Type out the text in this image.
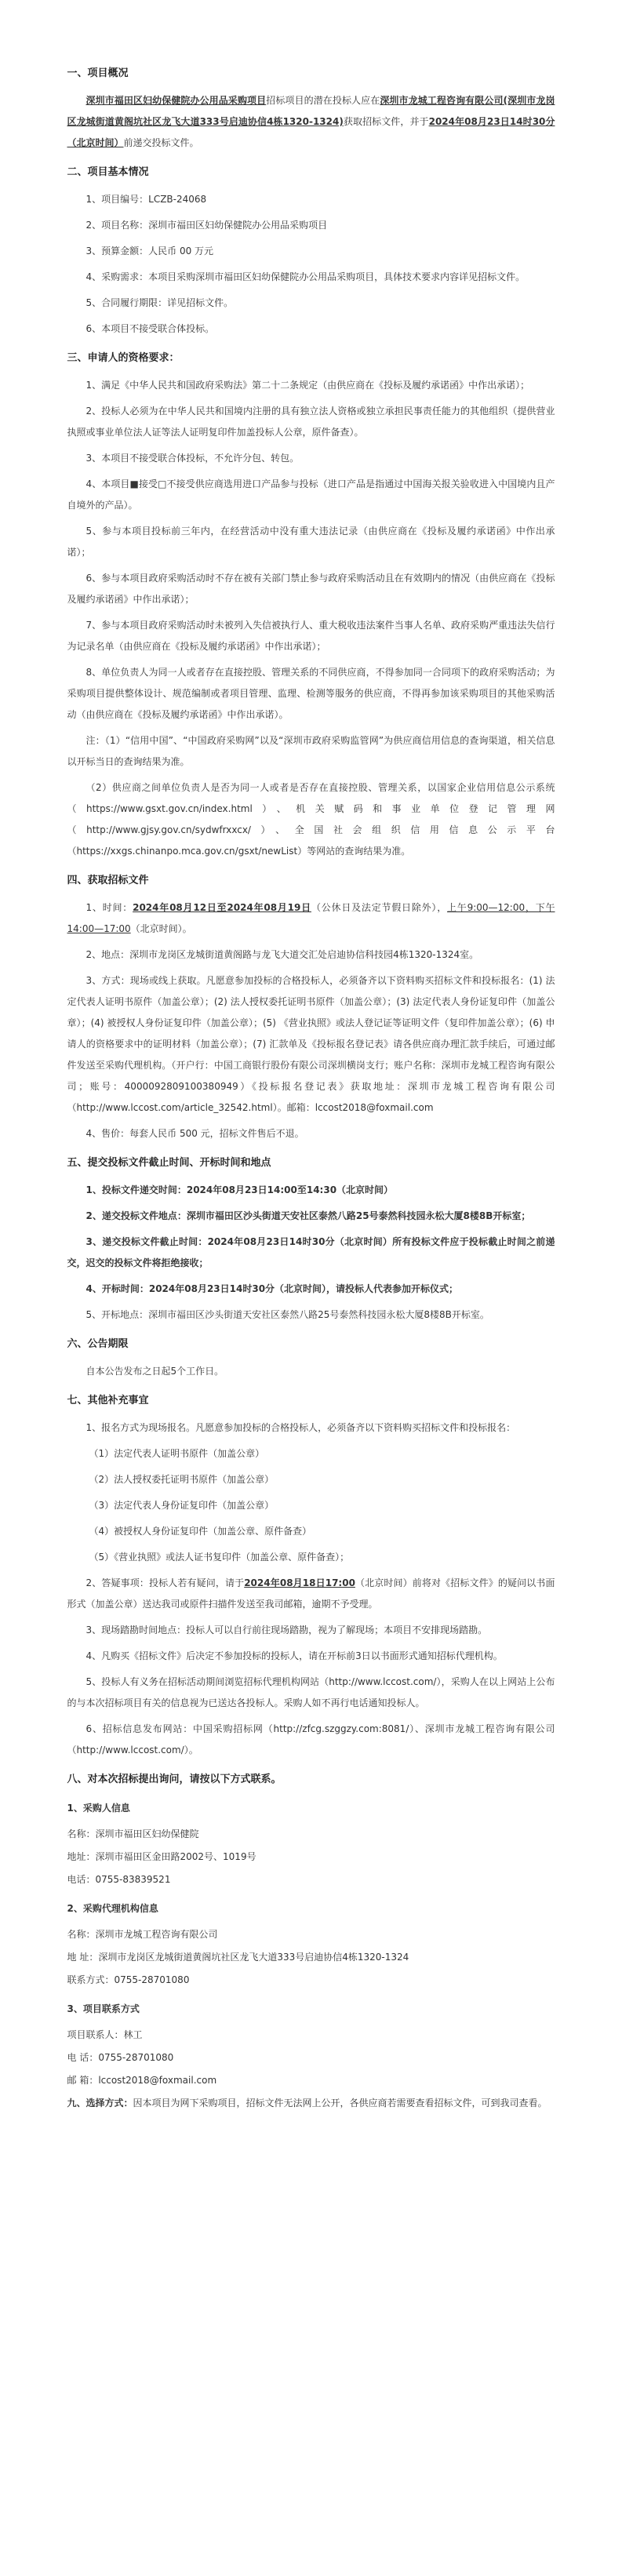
一、项目概况
深圳市福田区妇幼保健院办公用品采购项目招标项目的潜在投标人应在深圳市龙城工程咨询有限公司(深圳市龙岗区龙城街道黄阁坑社区龙飞大道333号启迪协信4栋1320-1324)获取招标文件，并于2024年08月23日14时30分（北京时间）前递交投标文件。
二、项目基本情况
1、项目编号：LCZB-24068
2、项目名称：深圳市福田区妇幼保健院办公用品采购项目
3、预算金额：人民币 00 万元
4、采购需求：本项目采购深圳市福田区妇幼保健院办公用品采购项目，具体技术要求内容详见招标文件。
5、合同履行期限：详见招标文件。
6、本项目不接受联合体投标。
三、申请人的资格要求：
1、满足《中华人民共和国政府采购法》第二十二条规定（由供应商在《投标及履约承诺函》中作出承诺）；
2、投标人必须为在中华人民共和国境内注册的具有独立法人资格或独立承担民事责任能力的其他组织（提供营业执照或事业单位法人证等法人证明复印件加盖投标人公章，原件备查）。
3、本项目不接受联合体投标，不允许分包、转包。
4、本项目■接受□不接受供应商选用进口产品参与投标（进口产品是指通过中国海关报关验收进入中国境内且产自境外的产品）。
5、参与本项目投标前三年内，在经营活动中没有重大违法记录（由供应商在《投标及履约承诺函》中作出承诺）；
6、参与本项目政府采购活动时不存在被有关部门禁止参与政府采购活动且在有效期内的情况（由供应商在《投标及履约承诺函》中作出承诺）；
7、参与本项目政府采购活动时未被列入失信被执行人、重大税收违法案件当事人名单、政府采购严重违法失信行为记录名单（由供应商在《投标及履约承诺函》中作出承诺）；
8、单位负责人为同一人或者存在直接控股、管理关系的不同供应商，不得参加同一合同项下的政府采购活动；为采购项目提供整体设计、规范编制或者项目管理、监理、检测等服务的供应商，不得再参加该采购项目的其他采购活动（由供应商在《投标及履约承诺函》中作出承诺）。
注：（1）“信用中国”、“中国政府采购网”以及“深圳市政府采购监管网”为供应商信用信息的查询渠道，相关信息以开标当日的查询结果为准。
（2）供应商之间单位负责人是否为同一人或者是否存在直接控股、管理关系，以国家企业信用信息公示系统（https://www.gsxt.gov.cn/index.html）、机关赋码和事业单位登记管理网（http://www.gjsy.gov.cn/sydwfrxxcx/）、全国社会组织信用信息公示平台（https://xxgs.chinanpo.mca.gov.cn/gsxt/newList）等网站的查询结果为准。
四、获取招标文件
1、时间：2024年08月12日至2024年08月19日（公休日及法定节假日除外），上午9:00—12:00，下午14:00—17:00（北京时间）。
2、地点：深圳市龙岗区龙城街道黄阁路与龙飞大道交汇处启迪协信科技园4栋1320-1324室。
3、方式：现场或线上获取。凡愿意参加投标的合格投标人，必须备齐以下资料购买招标文件和投标报名：(1) 法定代表人证明书原件（加盖公章）；(2) 法人授权委托证明书原件（加盖公章）；(3) 法定代表人身份证复印件（加盖公章）；(4) 被授权人身份证复印件（加盖公章）；(5) 《营业执照》或法人登记证等证明文件（复印件加盖公章）；(6) 申请人的资格要求中的证明材料（加盖公章）；(7) 汇款单及《投标报名登记表》请各供应商办理汇款手续后，可通过邮件发送至采购代理机构。（开户行：中国工商银行股份有限公司深圳横岗支行；账户名称：深圳市龙城工程咨询有限公司；账号：4000092809100380949）《投标报名登记表》获取地址：深圳市龙城工程咨询有限公司（http://www.lccost.com/article_32542.html）。邮箱：lccost2018@foxmail.com
4、售价：每套人民币 500 元，招标文件售后不退。
五、提交投标文件截止时间、开标时间和地点
1、投标文件递交时间：2024年08月23日14:00至14:30（北京时间）
2、递交投标文件地点：深圳市福田区沙头街道天安社区泰然八路25号泰然科技园永松大厦8楼8B开标室；
3、递交投标文件截止时间：2024年08月23日14时30分（北京时间）所有投标文件应于投标截止时间之前递交，迟交的投标文件将拒绝接收；
4、开标时间：2024年08月23日14时30分（北京时间），请投标人代表参加开标仪式；
5、开标地点：深圳市福田区沙头街道天安社区泰然八路25号泰然科技园永松大厦8楼8B开标室。
六、公告期限
自本公告发布之日起5个工作日。
七、其他补充事宜
1、报名方式为现场报名。凡愿意参加投标的合格投标人，必须备齐以下资料购买招标文件和投标报名：
（1）法定代表人证明书原件（加盖公章）
（2）法人授权委托证明书原件（加盖公章）
（3）法定代表人身份证复印件（加盖公章）
（4）被授权人身份证复印件（加盖公章、原件备查）
（5）《营业执照》或法人证书复印件（加盖公章、原件备查）；
2、答疑事项：投标人若有疑问，请于2024年08月18日17:00（北京时间）前将对《招标文件》的疑问以书面形式（加盖公章）送达我司或原件扫描件发送至我司邮箱，逾期不予受理。
3、现场踏勘时间地点：投标人可以自行前往现场踏勘，视为了解现场；本项目不安排现场踏勘。
4、凡购买《招标文件》后决定不参加投标的投标人，请在开标前3日以书面形式通知招标代理机构。
5、投标人有义务在招标活动期间浏览招标代理机构网站（http://www.lccost.com/），采购人在以上网站上公布的与本次招标项目有关的信息视为已送达各投标人。采购人如不再行电话通知投标人。
6、招标信息发布网站：中国采购招标网（http://zfcg.szggzy.com:8081/）、深圳市龙城工程咨询有限公司（http://www.lccost.com/）。
八、对本次招标提出询问，请按以下方式联系。
1、采购人信息
名称：深圳市福田区妇幼保健院
地址：深圳市福田区金田路2002号、1019号
电话：0755-83839521
2、采购代理机构信息
名称：深圳市龙城工程咨询有限公司
地 址：深圳市龙岗区龙城街道黄阁坑社区龙飞大道333号启迪协信4栋1320-1324
联系方式：0755-28701080
3、项目联系方式
项目联系人：林工
电 话：0755-28701080
邮 箱：lccost2018@foxmail.com
九、选择方式：因本项目为网下采购项目，招标文件无法网上公开，各供应商若需要查看招标文件，可到我司查看。
